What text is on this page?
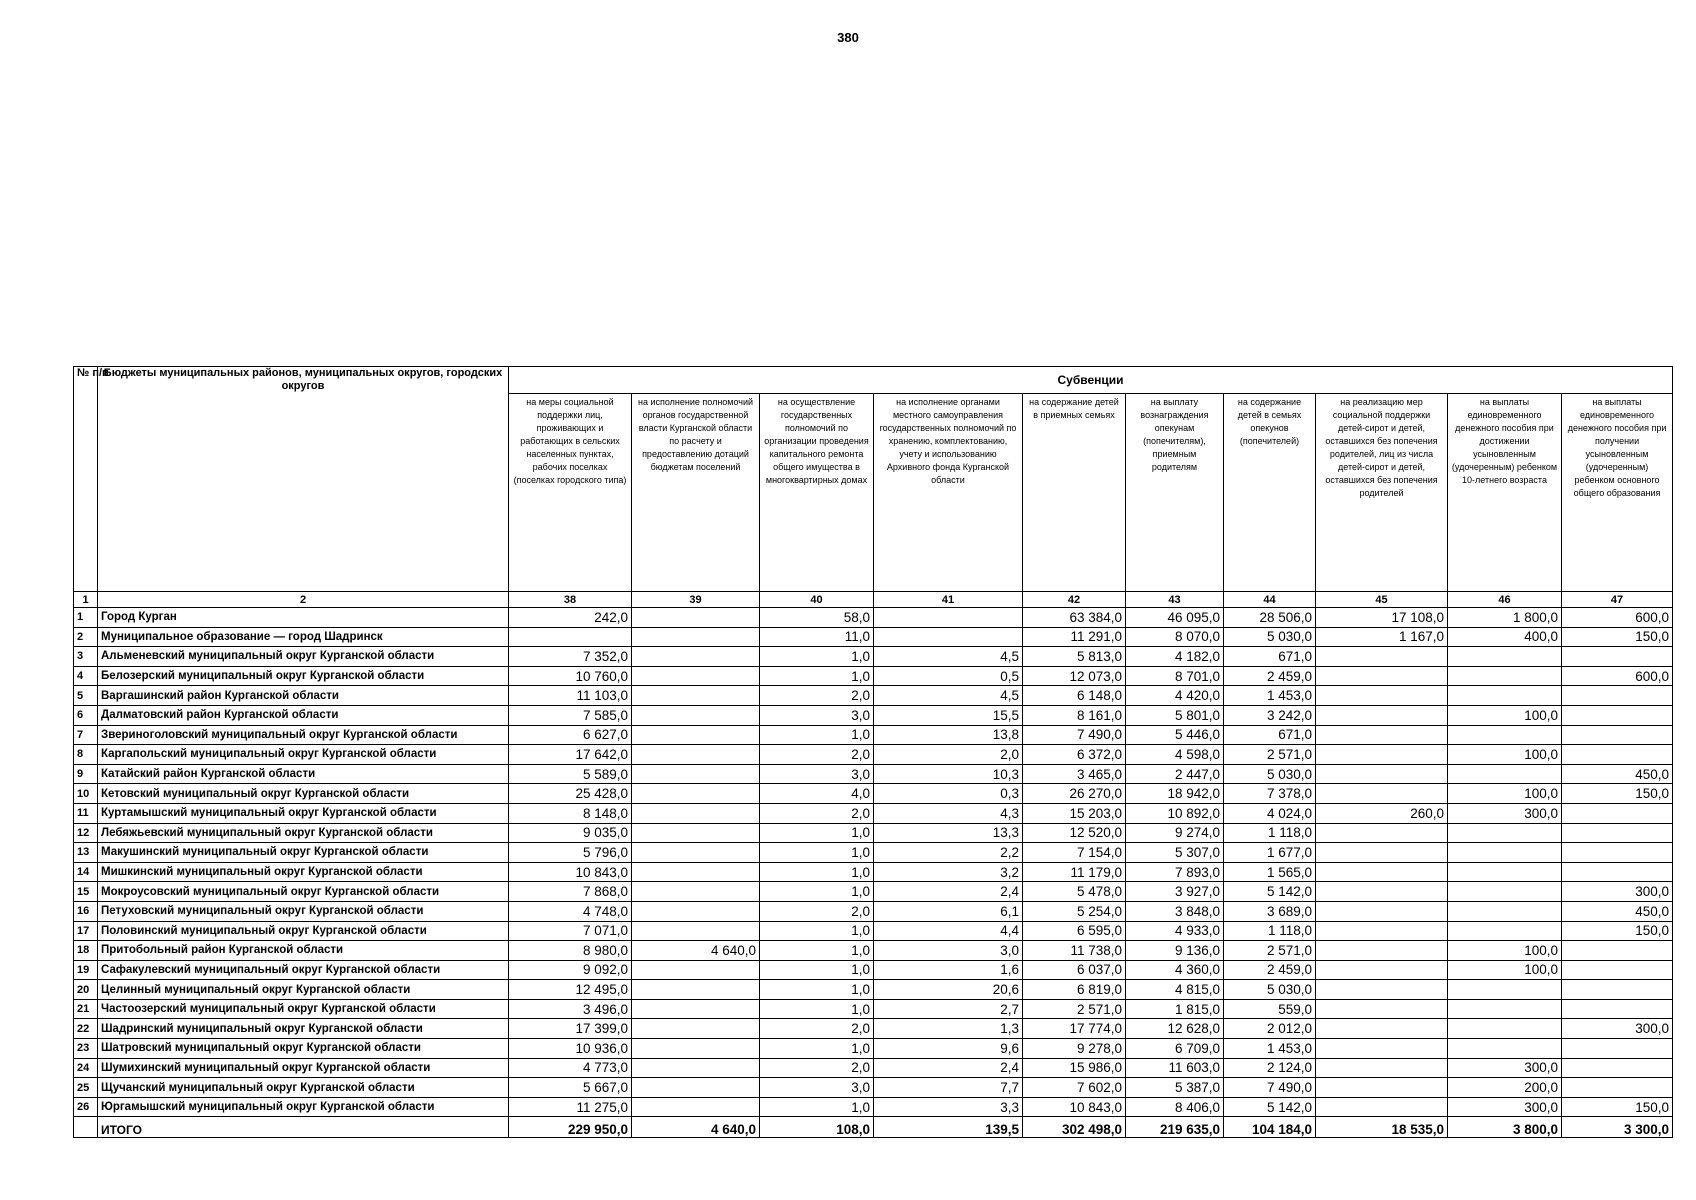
380
№ п/п	Бюджеты муниципальных районов, муниципальных округов, городских округов	Субвенции									
		на меры социальной поддержки лиц, проживающих и работающих в сельских населенных пунктах, рабочих поселках (поселках городского типа)	на исполнение полномочий органов государственной власти Курганской области по расчету и предоставлению дотаций бюджетам поселений	на осуществление государственных полномочий по организации проведения капитального ремонта общего имущества в многоквартирных домах	на исполнение органами местного самоуправления государственных полномочий по хранению, комплектованию, учету и использованию Архивного фонда Курганской области	на содержание детей в приемных семьях	на выплату вознаграждения опекунам (попечителям), приемным родителям	на содержание детей в семьях опекунов (попечителей)	на реализацию мер социальной поддержки детей-сирот и детей, оставшихся без попечения родителей, лиц из числа детей-сирот и детей, оставшихся без попечения родителей	на выплаты единовременного денежного пособия при достижении усыновленным (удочеренным) ребенком 10-летнего возраста	на выплаты единовременного денежного пособия при получении усыновленным (удочеренным) ребенком основного общего образования
1	2	38	39	40	41	42	43	44	45	46	47
1	Город Курган	242,0		58,0		63 384,0	46 095,0	28 506,0	17 108,0	1 800,0	600,0
2	Муниципальное образование — город Шадринск			11,0		11 291,0	8 070,0	5 030,0	1 167,0	400,0	150,0
3	Альменевский муниципальный округ Курганской области	7 352,0		1,0	4,5	5 813,0	4 182,0	671,0			
4	Белозерский муниципальный округ Курганской области	10 760,0		1,0	0,5	12 073,0	8 701,0	2 459,0			600,0
5	Варгашинский район Курганской области	11 103,0		2,0	4,5	6 148,0	4 420,0	1 453,0			
6	Далматовский район Курганской области	7 585,0		3,0	15,5	8 161,0	5 801,0	3 242,0		100,0	
7	Звериноголовский муниципальный округ Курганской области	6 627,0		1,0	13,8	7 490,0	5 446,0	671,0			
8	Каргапольский муниципальный округ Курганской области	17 642,0		2,0	2,0	6 372,0	4 598,0	2 571,0		100,0	
9	Катайский район Курганской области	5 589,0		3,0	10,3	3 465,0	2 447,0	5 030,0			450,0
10	Кетовский муниципальный округ Курганской области	25 428,0		4,0	0,3	26 270,0	18 942,0	7 378,0		100,0	150,0
11	Куртамышский муниципальный округ Курганской области	8 148,0		2,0	4,3	15 203,0	10 892,0	4 024,0	260,0	300,0	
12	Лебяжьевский муниципальный округ Курганской области	9 035,0		1,0	13,3	12 520,0	9 274,0	1 118,0			
13	Макушинский муниципальный округ Курганской области	5 796,0		1,0	2,2	7 154,0	5 307,0	1 677,0			
14	Мишкинский муниципальный округ Курганской области	10 843,0		1,0	3,2	11 179,0	7 893,0	1 565,0			
15	Мокроусовский муниципальный округ Курганской области	7 868,0		1,0	2,4	5 478,0	3 927,0	5 142,0			300,0
16	Петуховский муниципальный округ Курганской области	4 748,0		2,0	6,1	5 254,0	3 848,0	3 689,0			450,0
17	Половинский муниципальный округ Курганской области	7 071,0		1,0	4,4	6 595,0	4 933,0	1 118,0			150,0
18	Притобольный район Курганской области	8 980,0	4 640,0	1,0	3,0	11 738,0	9 136,0	2 571,0		100,0	
19	Сафакулевский муниципальный округ Курганской области	9 092,0		1,0	1,6	6 037,0	4 360,0	2 459,0		100,0	
20	Целинный муниципальный округ Курганской области	12 495,0		1,0	20,6	6 819,0	4 815,0	5 030,0			
21	Частоозерский муниципальный округ Курганской области	3 496,0		1,0	2,7	2 571,0	1 815,0	559,0			
22	Шадринский муниципальный округ Курганской области	17 399,0		2,0	1,3	17 774,0	12 628,0	2 012,0			300,0
23	Шатровский муниципальный округ Курганской области	10 936,0		1,0	9,6	9 278,0	6 709,0	1 453,0			
24	Шумихинский муниципальный округ Курганской области	4 773,0		2,0	2,4	15 986,0	11 603,0	2 124,0		300,0	
25	Щучанский муниципальный округ Курганской области	5 667,0		3,0	7,7	7 602,0	5 387,0	7 490,0		200,0	
26	Юргамышский муниципальный округ Курганской области	11 275,0		1,0	3,3	10 843,0	8 406,0	5 142,0		300,0	150,0
	ИТОГО	229 950,0	4 640,0	108,0	139,5	302 498,0	219 635,0	104 184,0	18 535,0	3 800,0	3 300,0
